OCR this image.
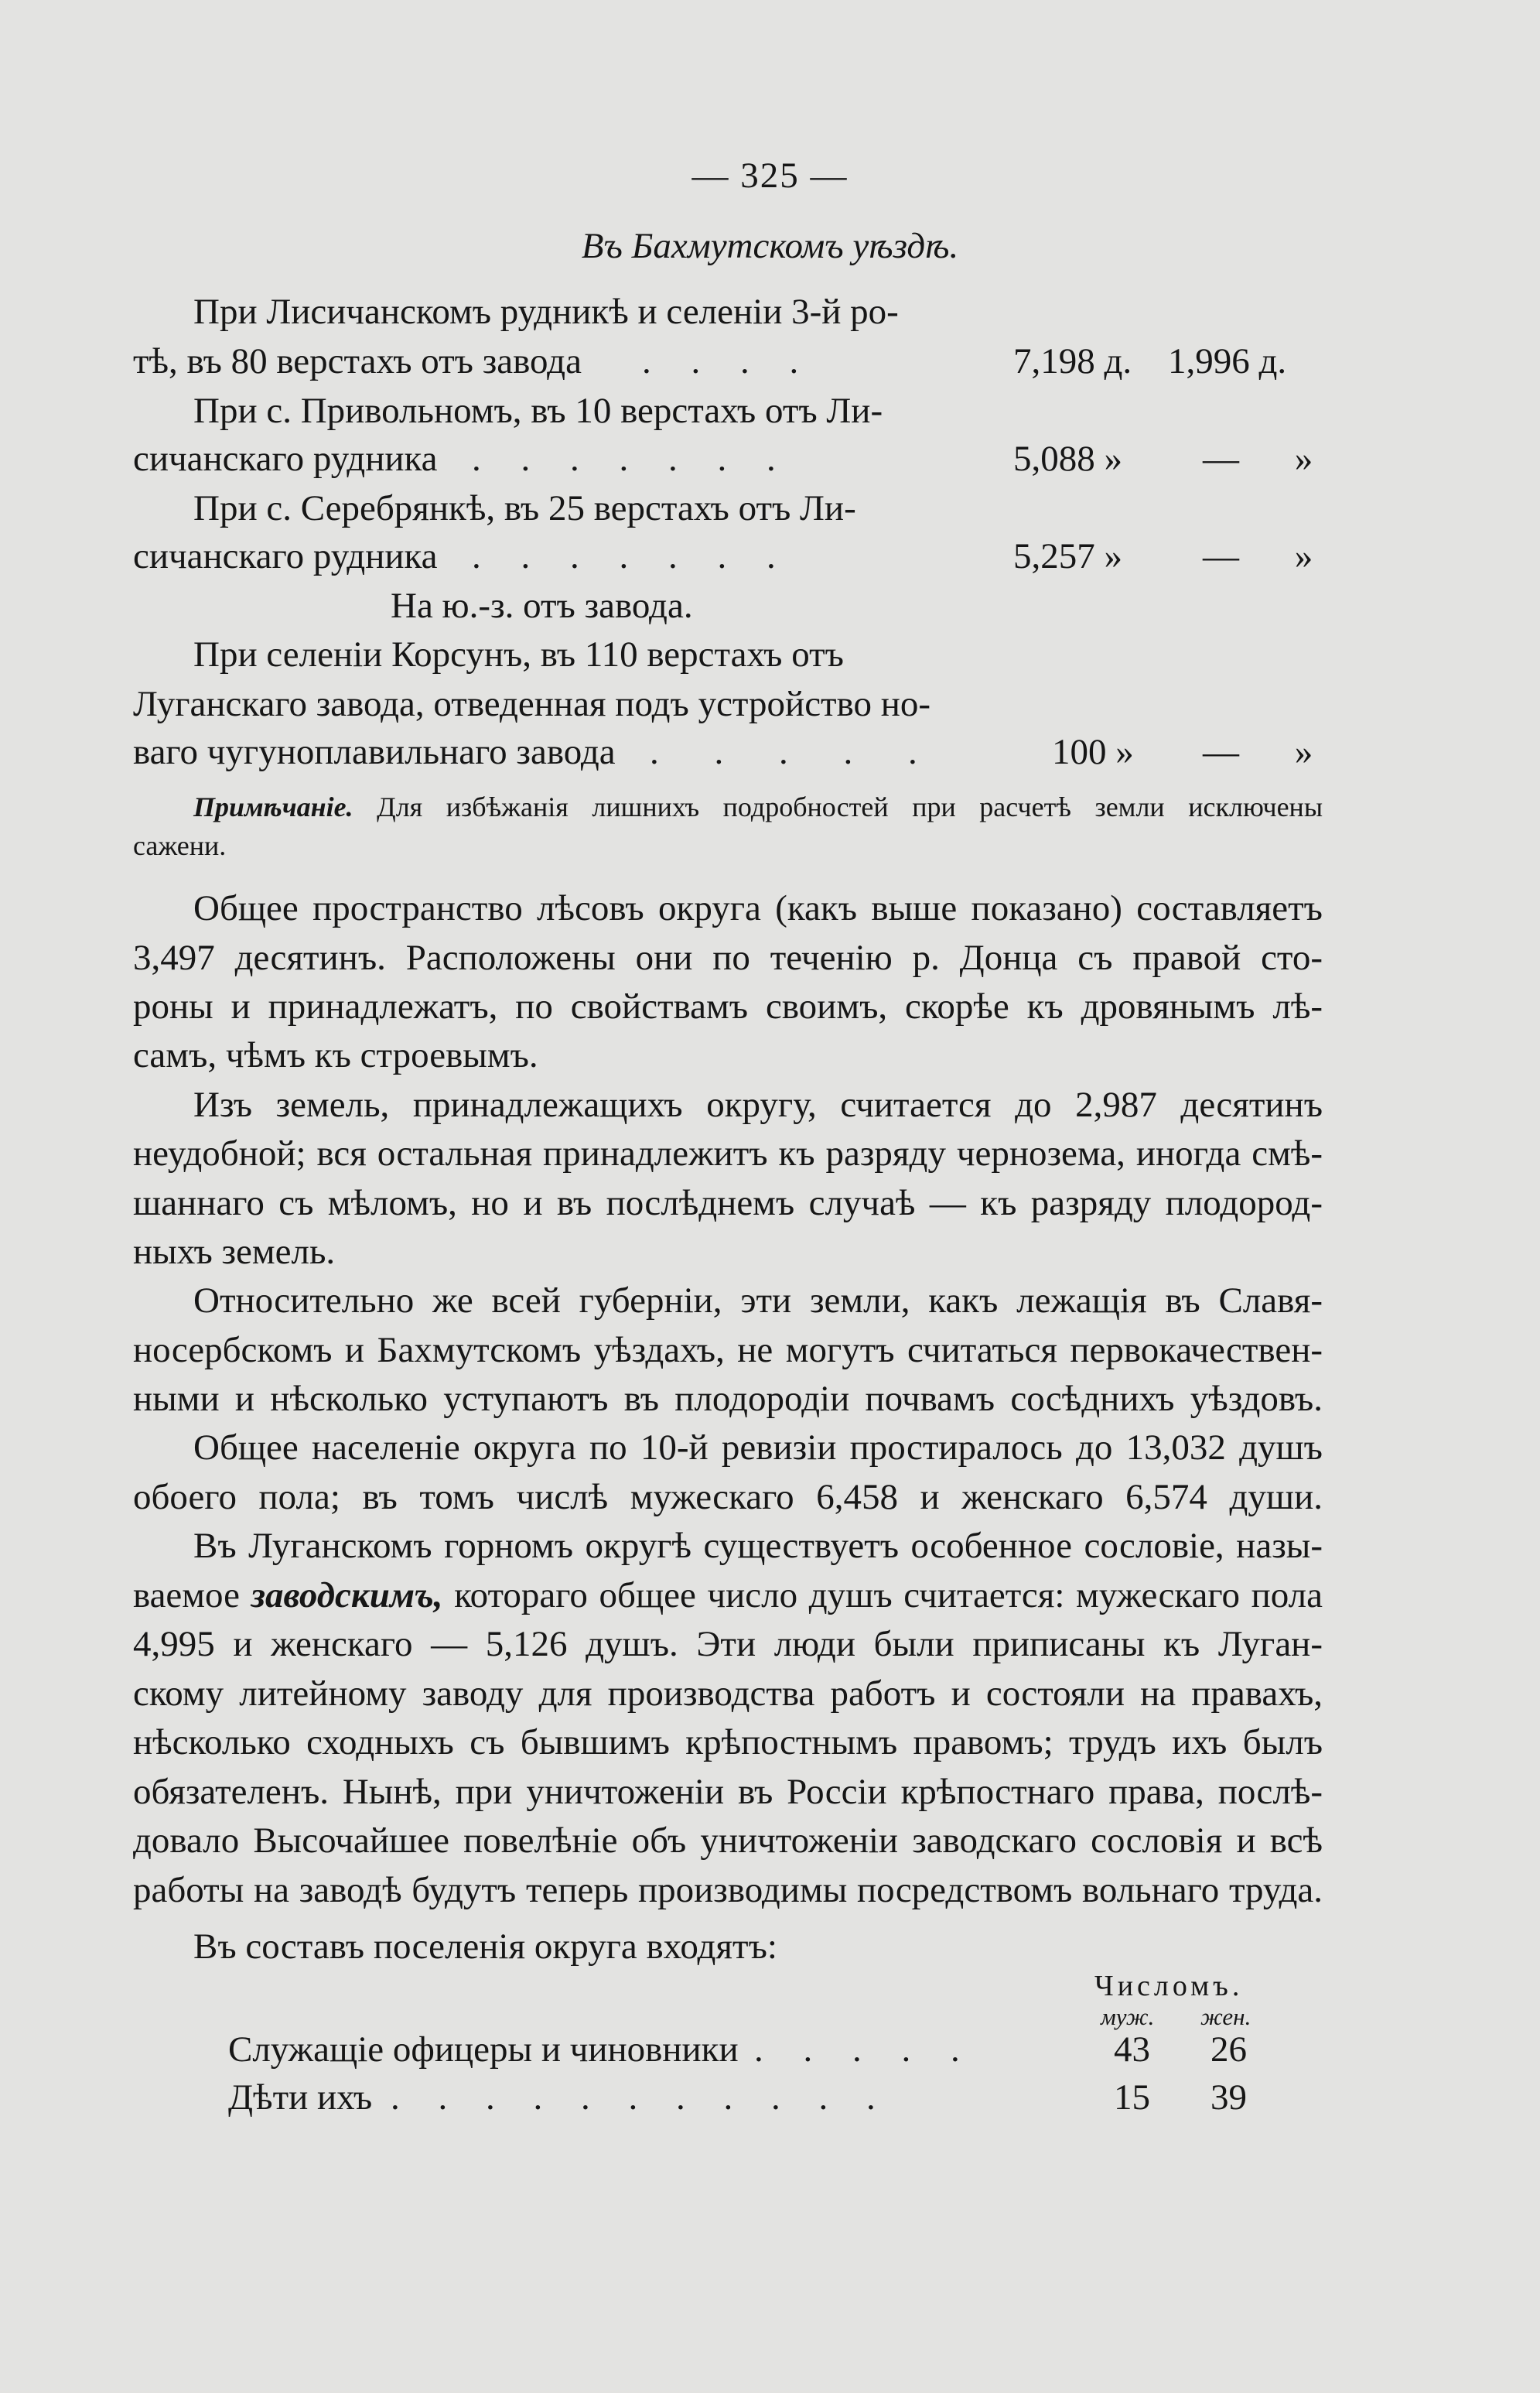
— 325 —
Въ Бахмутскомъ уѣздѣ.
При Лисичанскомъ рудникѣ и селеніи 3-й ро-
тѣ, въ 80 верстахъ отъ завода . . . .	7,198 д. 1,996 д.
При с. Привольномъ, въ 10 верстахъ отъ Ли-
сичанскаго рудника . . . . . . .	5,088 » — »
При с. Серебрянкѣ, въ 25 верстахъ отъ Ли-
сичанскаго рудника . . . . . . .	5,257 » — »
На ю.-з. отъ завода.
При селеніи Корсунъ, въ 110 верстахъ отъ
Луганскаго завода, отведенная подъ устройство но-
ваго чугуноплавильнаго завода . . . . .	100 » — »
Примѣчаніе. Для избѣжанія лишнихъ подробностей при расчетѣ земли исключены
сажени.
Общее пространство лѣсовъ округа (какъ выше показано) составляетъ
3,497 десятинъ. Расположены они по теченію р. Донца съ правой сто-
роны и принадлежатъ, по свойствамъ своимъ, скорѣе къ дровянымъ лѣ-
самъ, чѣмъ къ строевымъ.
Изъ земель, принадлежащихъ округу, считается до 2,987 десятинъ
неудобной; вся остальная принадлежитъ къ разряду чернозема, иногда смѣ-
шаннаго съ мѣломъ, но и въ послѣднемъ случаѣ — къ разряду плодород-
ныхъ земель.
Относительно же всей губерніи, эти земли, какъ лежащія въ Славя-
носербскомъ и Бахмутскомъ уѣздахъ, не могутъ считаться первокачествен-
ными и нѣсколько уступаютъ въ плодородіи почвамъ сосѣднихъ уѣздовъ.
Общее населеніе округа по 10-й ревизіи простиралось до 13,032 душъ
обоего пола; въ томъ числѣ мужескаго 6,458 и женскаго 6,574 души.
Въ Луганскомъ горномъ округѣ существуетъ особенное сословіе, назы-
ваемое заводскимъ, котораго общее число душъ считается: мужескаго пола
4,995 и женскаго — 5,126 душъ. Эти люди были приписаны къ Луган-
скому литейному заводу для производства работъ и состояли на правахъ,
нѣсколько сходныхъ съ бывшимъ крѣпостнымъ правомъ; трудъ ихъ былъ
обязателенъ. Нынѣ, при уничтоженіи въ Россіи крѣпостнаго права, послѣ-
довало Высочайшее повелѣніе объ уничтоженіи заводскаго сословія и всѣ
работы на заводѣ будутъ теперь производимы посредствомъ вольнаго труда.
Въ составъ поселенія округа входятъ:
Числомъ.
муж. жен.
Служащіе офицеры и чиновники . . . . .	43 26
Дѣти ихъ . . . . . . . . . . .	15 39
